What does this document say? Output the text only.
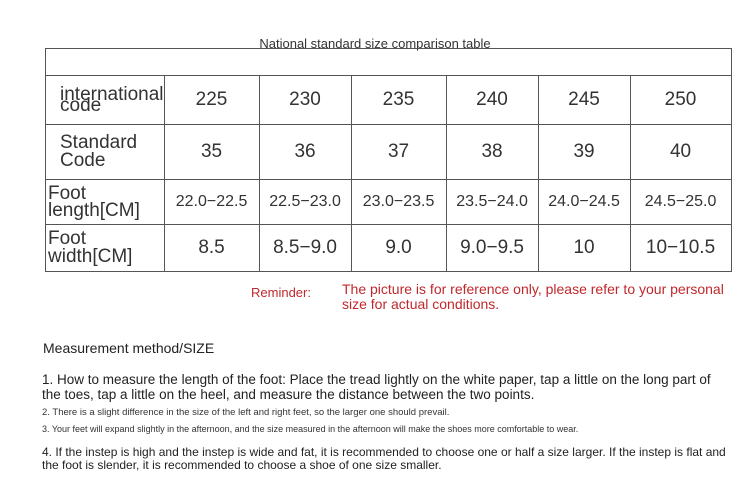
National standard size comparison table

international code	225	230	235	240	245	250
Standard Code	35	36	37	38	39	40

Foot
length[CM]	22.0−22.5	22.5−23.0	23.0−23.5	23.5−24.0	24.0−24.5	24.5−25.0

Foot
width[CM]	8.5	8.5−9.0	9.0	9.0−9.5	10	10−10.5
Reminder: The picture is for reference only, please refer to your personal size for actual conditions.
Measurement method/SIZE
1. How to measure the length of the foot: Place the tread lightly on the white paper, tap a little on the long part of the toes, tap a little on the heel, and measure the distance between the two points.
2. There is a slight difference in the size of the left and right feet, so the larger one should prevail.
3. Your feet will expand slightly in the afternoon, and the size measured in the afternoon will make the shoes more comfortable to wear.
4. If the instep is high and the instep is wide and fat, it is recommended to choose one or half a size larger. If the instep is flat and the foot is slender, it is recommended to choose a shoe of one size smaller.
